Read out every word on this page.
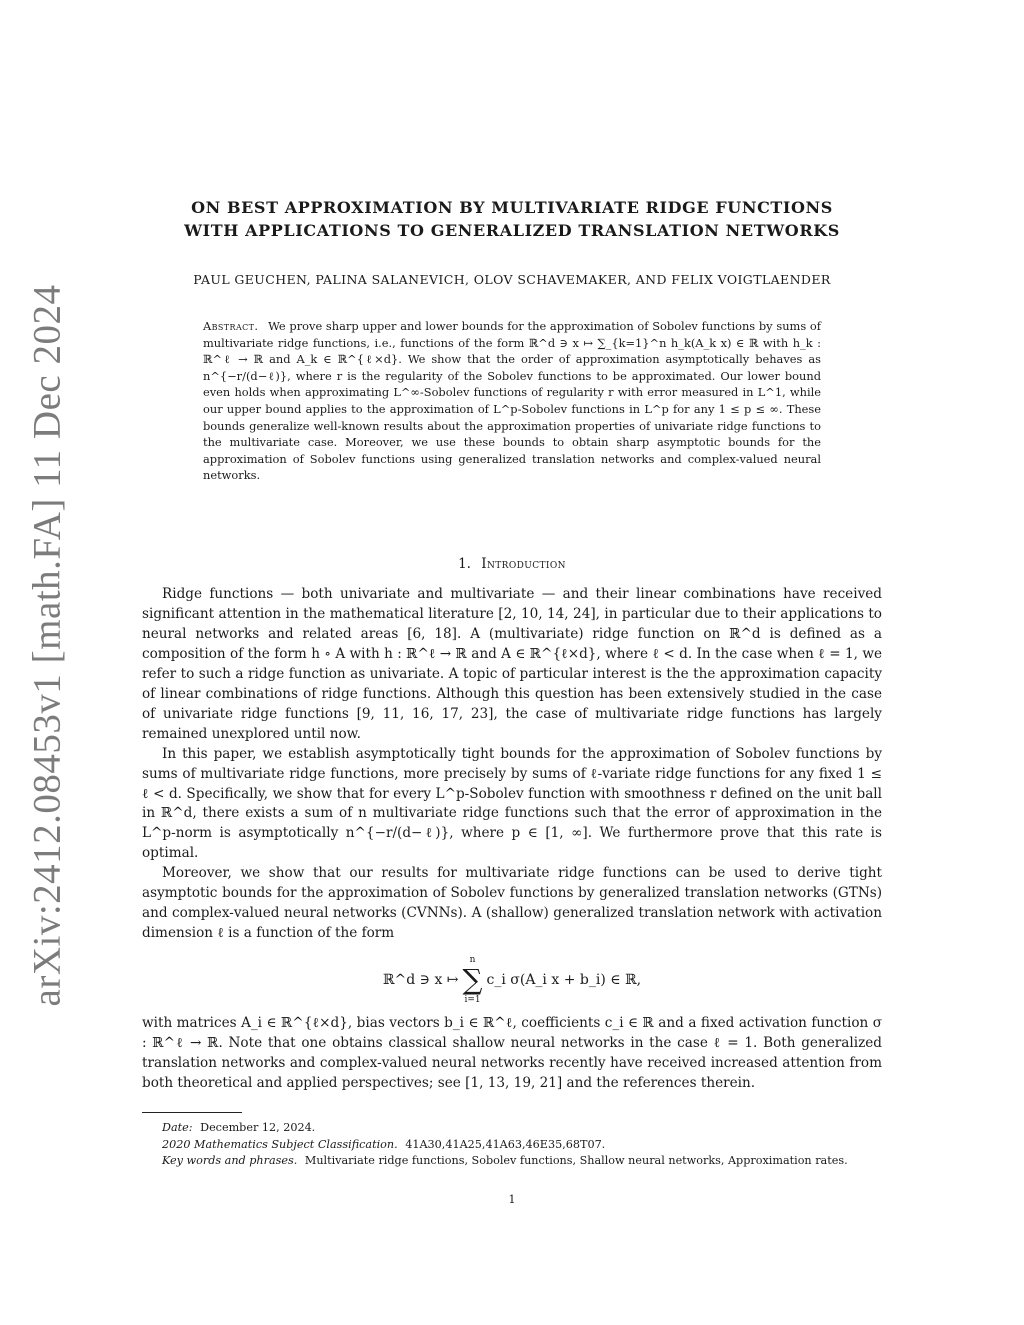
arXiv:2412.08453v1 [math.FA] 11 Dec 2024
ON BEST APPROXIMATION BY MULTIVARIATE RIDGE FUNCTIONS
WITH APPLICATIONS TO GENERALIZED TRANSLATION NETWORKS
PAUL GEUCHEN, PALINA SALANEVICH, OLOV SCHAVEMAKER, AND FELIX VOIGTLAENDER
Abstract. We prove sharp upper and lower bounds for the approximation of Sobolev functions by sums of multivariate ridge functions, i.e., functions of the form ℝ^d ∋ x ↦ ∑_{k=1}^n h_k(A_k x) ∈ ℝ with h_k : ℝ^ℓ → ℝ and A_k ∈ ℝ^{ℓ×d}. We show that the order of approximation asymptotically behaves as n^{−r/(d−ℓ)}, where r is the regularity of the Sobolev functions to be approximated. Our lower bound even holds when approximating L^∞-Sobolev functions of regularity r with error measured in L^1, while our upper bound applies to the approximation of L^p-Sobolev functions in L^p for any 1 ≤ p ≤ ∞. These bounds generalize well-known results about the approximation properties of univariate ridge functions to the multivariate case. Moreover, we use these bounds to obtain sharp asymptotic bounds for the approximation of Sobolev functions using generalized translation networks and complex-valued neural networks.
1. Introduction

Ridge functions — both univariate and multivariate — and their linear combinations have received significant attention in the mathematical literature [2, 10, 14, 24], in particular due to their applications to neural networks and related areas [6, 18]. A (multivariate) ridge function on ℝ^d is defined as a composition of the form h ∘ A with h : ℝ^ℓ → ℝ and A ∈ ℝ^{ℓ×d}, where ℓ < d. In the case when ℓ = 1, we refer to such a ridge function as univariate. A topic of particular interest is the the approximation capacity of linear combinations of ridge functions. Although this question has been extensively studied in the case of univariate ridge functions [9, 11, 16, 17, 23], the case of multivariate ridge functions has largely remained unexplored until now.

In this paper, we establish asymptotically tight bounds for the approximation of Sobolev functions by sums of multivariate ridge functions, more precisely by sums of ℓ-variate ridge functions for any fixed 1 ≤ ℓ < d. Specifically, we show that for every L^p-Sobolev function with smoothness r defined on the unit ball in ℝ^d, there exists a sum of n multivariate ridge functions such that the error of approximation in the L^p-norm is asymptotically n^{−r/(d−ℓ)}, where p ∈ [1, ∞]. We furthermore prove that this rate is optimal.

Moreover, we show that our results for multivariate ridge functions can be used to derive tight asymptotic bounds for the approximation of Sobolev functions by generalized translation networks (GTNs) and complex-valued neural networks (CVNNs). A (shallow) generalized translation network with activation dimension ℓ is a function of the form

ℝ^d ∋ x ↦
n
∑
i=1
c_i σ(A_i x + b_i) ∈ ℝ,

with matrices A_i ∈ ℝ^{ℓ×d}, bias vectors b_i ∈ ℝ^ℓ, coefficients c_i ∈ ℝ and a fixed activation function σ : ℝ^ℓ → ℝ. Note that one obtains classical shallow neural networks in the case ℓ = 1. Both generalized translation networks and complex-valued neural networks recently have received increased attention from both theoretical and applied perspectives; see [1, 13, 19, 21] and the references therein.

Date: December 12, 2024.

2020 Mathematics Subject Classification. 41A30,41A25,41A63,46E35,68T07.

Key words and phrases. Multivariate ridge functions, Sobolev functions, Shallow neural networks, Approximation rates.

1
